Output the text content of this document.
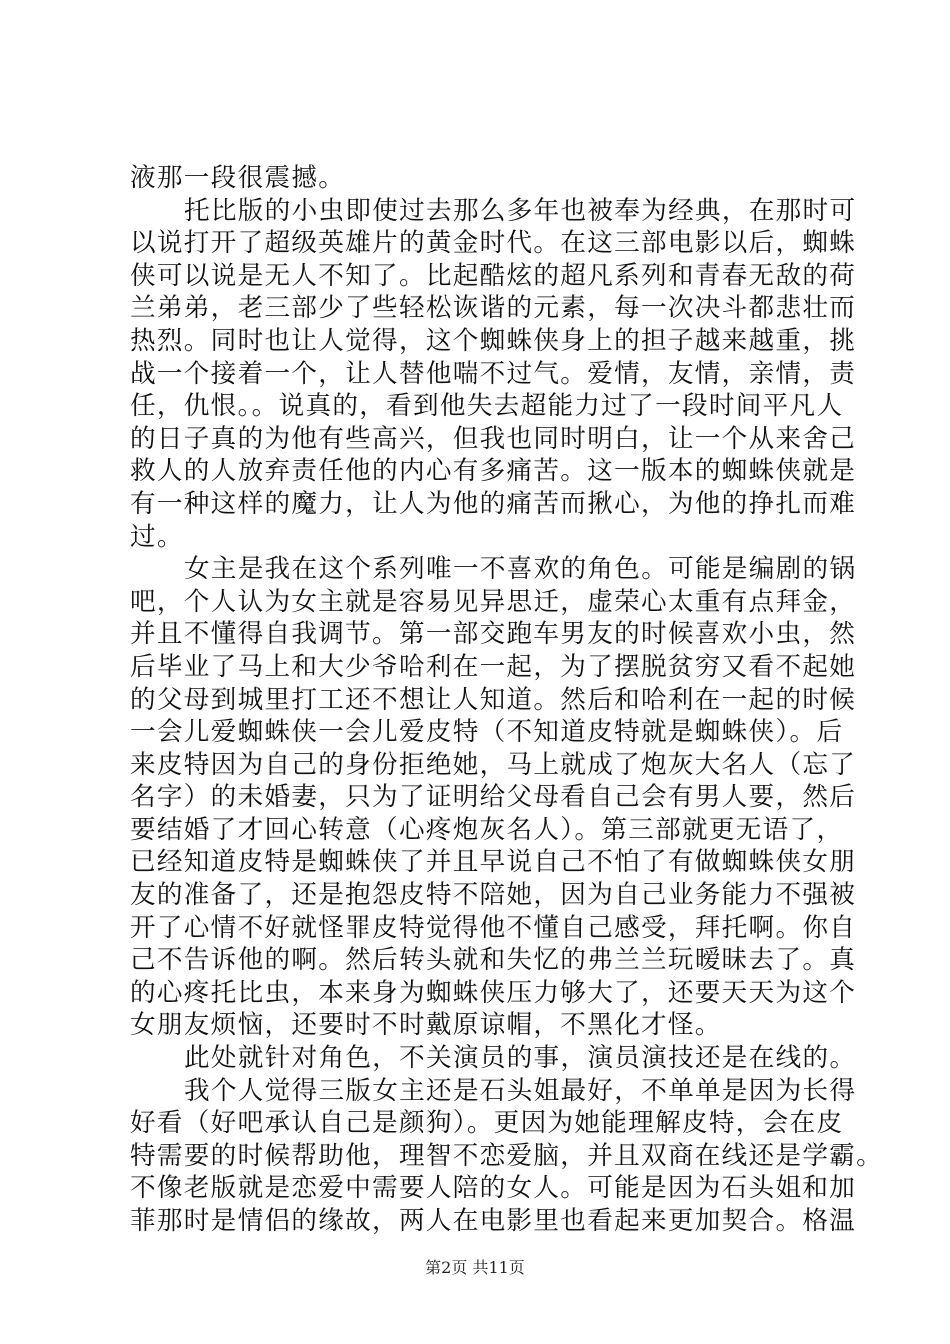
液那一段很震撼。
托比版的小虫即使过去那么多年也被奉为经典，在那时可
以说打开了超级英雄片的黄金时代。在这三部电影以后，蜘蛛
侠可以说是无人不知了。比起酷炫的超凡系列和青春无敌的荷
兰弟弟，老三部少了些轻松诙谐的元素，每一次决斗都悲壮而
热烈。同时也让人觉得，这个蜘蛛侠身上的担子越来越重，挑
战一个接着一个，让人替他喘不过气。爱情，友情，亲情，责
任，仇恨。。说真的，看到他失去超能力过了一段时间平凡人
的日子真的为他有些高兴，但我也同时明白，让一个从来舍己
救人的人放弃责任他的内心有多痛苦。这一版本的蜘蛛侠就是
有一种这样的魔力，让人为他的痛苦而揪心，为他的挣扎而难
过。
女主是我在这个系列唯一不喜欢的角色。可能是编剧的锅
吧，个人认为女主就是容易见异思迁，虚荣心太重有点拜金，
并且不懂得自我调节。第一部交跑车男友的时候喜欢小虫，然
后毕业了马上和大少爷哈利在一起，为了摆脱贫穷又看不起她
的父母到城里打工还不想让人知道。然后和哈利在一起的时候
一会儿爱蜘蛛侠一会儿爱皮特（不知道皮特就是蜘蛛侠）。后
来皮特因为自己的身份拒绝她，马上就成了炮灰大名人（忘了
名字）的未婚妻，只为了证明给父母看自己会有男人要，然后
要结婚了才回心转意（心疼炮灰名人）。第三部就更无语了，
已经知道皮特是蜘蛛侠了并且早说自己不怕了有做蜘蛛侠女朋
友的准备了，还是抱怨皮特不陪她，因为自己业务能力不强被
开了心情不好就怪罪皮特觉得他不懂自己感受，拜托啊。你自
己不告诉他的啊。然后转头就和失忆的弗兰兰玩暧昧去了。真
的心疼托比虫，本来身为蜘蛛侠压力够大了，还要天天为这个
女朋友烦恼，还要时不时戴原谅帽，不黑化才怪。
此处就针对角色，不关演员的事，演员演技还是在线的。
我个人觉得三版女主还是石头姐最好，不单单是因为长得
好看（好吧承认自己是颜狗）。更因为她能理解皮特，会在皮
特需要的时候帮助他，理智不恋爱脑，并且双商在线还是学霸。
不像老版就是恋爱中需要人陪的女人。可能是因为石头姐和加
菲那时是情侣的缘故，两人在电影里也看起来更加契合。格温
第2页 共11页
